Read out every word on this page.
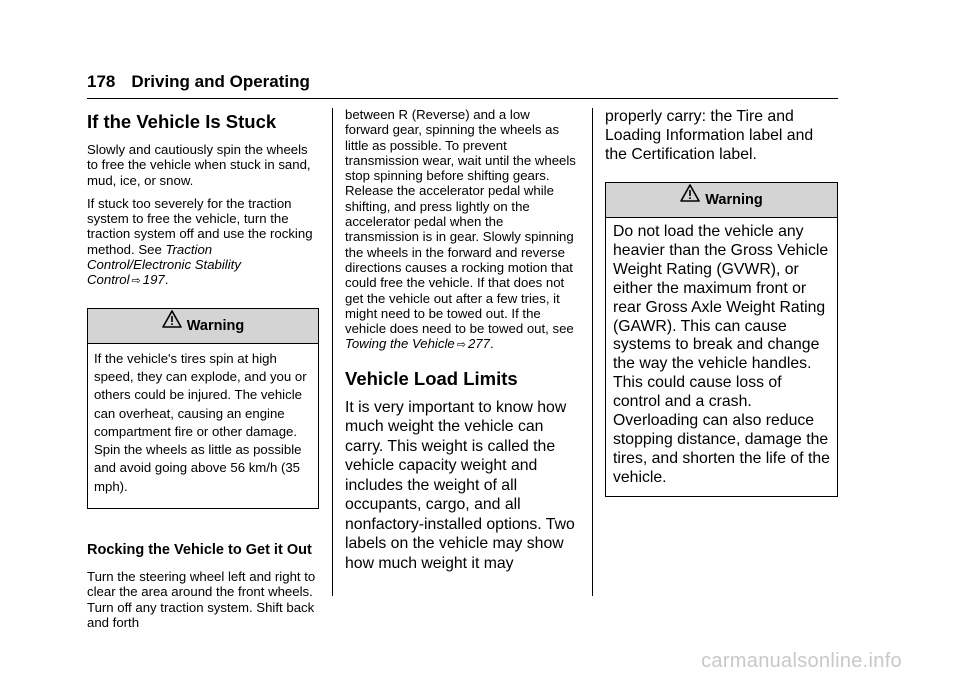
178 Driving and Operating
If the Vehicle Is Stuck

Slowly and cautiously spin the wheels to free the vehicle when stuck in sand, mud, ice, or snow.

If stuck too severely for the traction system to free the vehicle, turn the traction system off and use the rocking method. See Traction Control/Electronic Stability Control ⇨ 197.

Warning
If the vehicle's tires spin at high speed, they can explode, and you or others could be injured. The vehicle can overheat, causing an engine compartment fire or other damage. Spin the wheels as little as possible and avoid going above 56 km/h (35 mph).
Rocking the Vehicle to Get it Out

Turn the steering wheel left and right to clear the area around the front wheels. Turn off any traction system. Shift back and forth

between R (Reverse) and a low forward gear, spinning the wheels as little as possible. To prevent transmission wear, wait until the wheels stop spinning before shifting gears. Release the accelerator pedal while shifting, and press lightly on the accelerator pedal when the transmission is in gear. Slowly spinning the wheels in the forward and reverse directions causes a rocking motion that could free the vehicle. If that does not get the vehicle out after a few tries, it might need to be towed out. If the vehicle does need to be towed out, see Towing the Vehicle ⇨ 277.

Vehicle Load Limits

It is very important to know how much weight the vehicle can carry. This weight is called the vehicle capacity weight and includes the weight of all occupants, cargo, and all nonfactory-installed options. Two labels on the vehicle may show how much weight it may

properly carry: the Tire and Loading Information label and the Certification label.

Warning
Do not load the vehicle any heavier than the Gross Vehicle Weight Rating (GVWR), or either the maximum front or rear Gross Axle Weight Rating (GAWR). This can cause systems to break and change the way the vehicle handles. This could cause loss of control and a crash. Overloading can also reduce stopping distance, damage the tires, and shorten the life of the vehicle.
carmanualsonline.info
